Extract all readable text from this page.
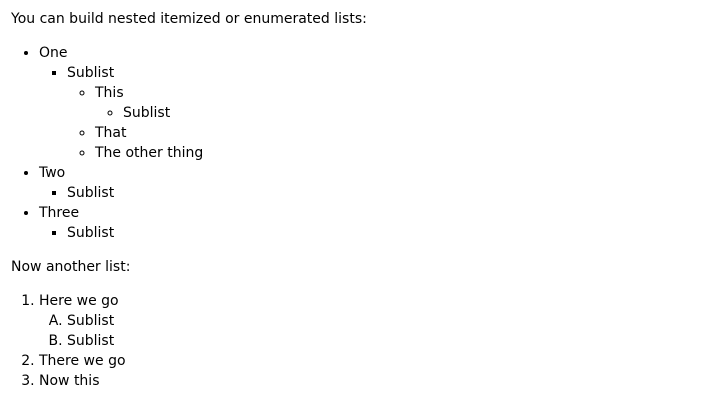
You can build nested itemized or enumerated lists:

• One
▪ Sublist
◦ This
◦ Sublist
◦ That
◦ The other thing
• Two
▪ Sublist
• Three
▪ Sublist

Now another list:

1. Here we go
A. Sublist
B. Sublist
2. There we go
3. Now this
